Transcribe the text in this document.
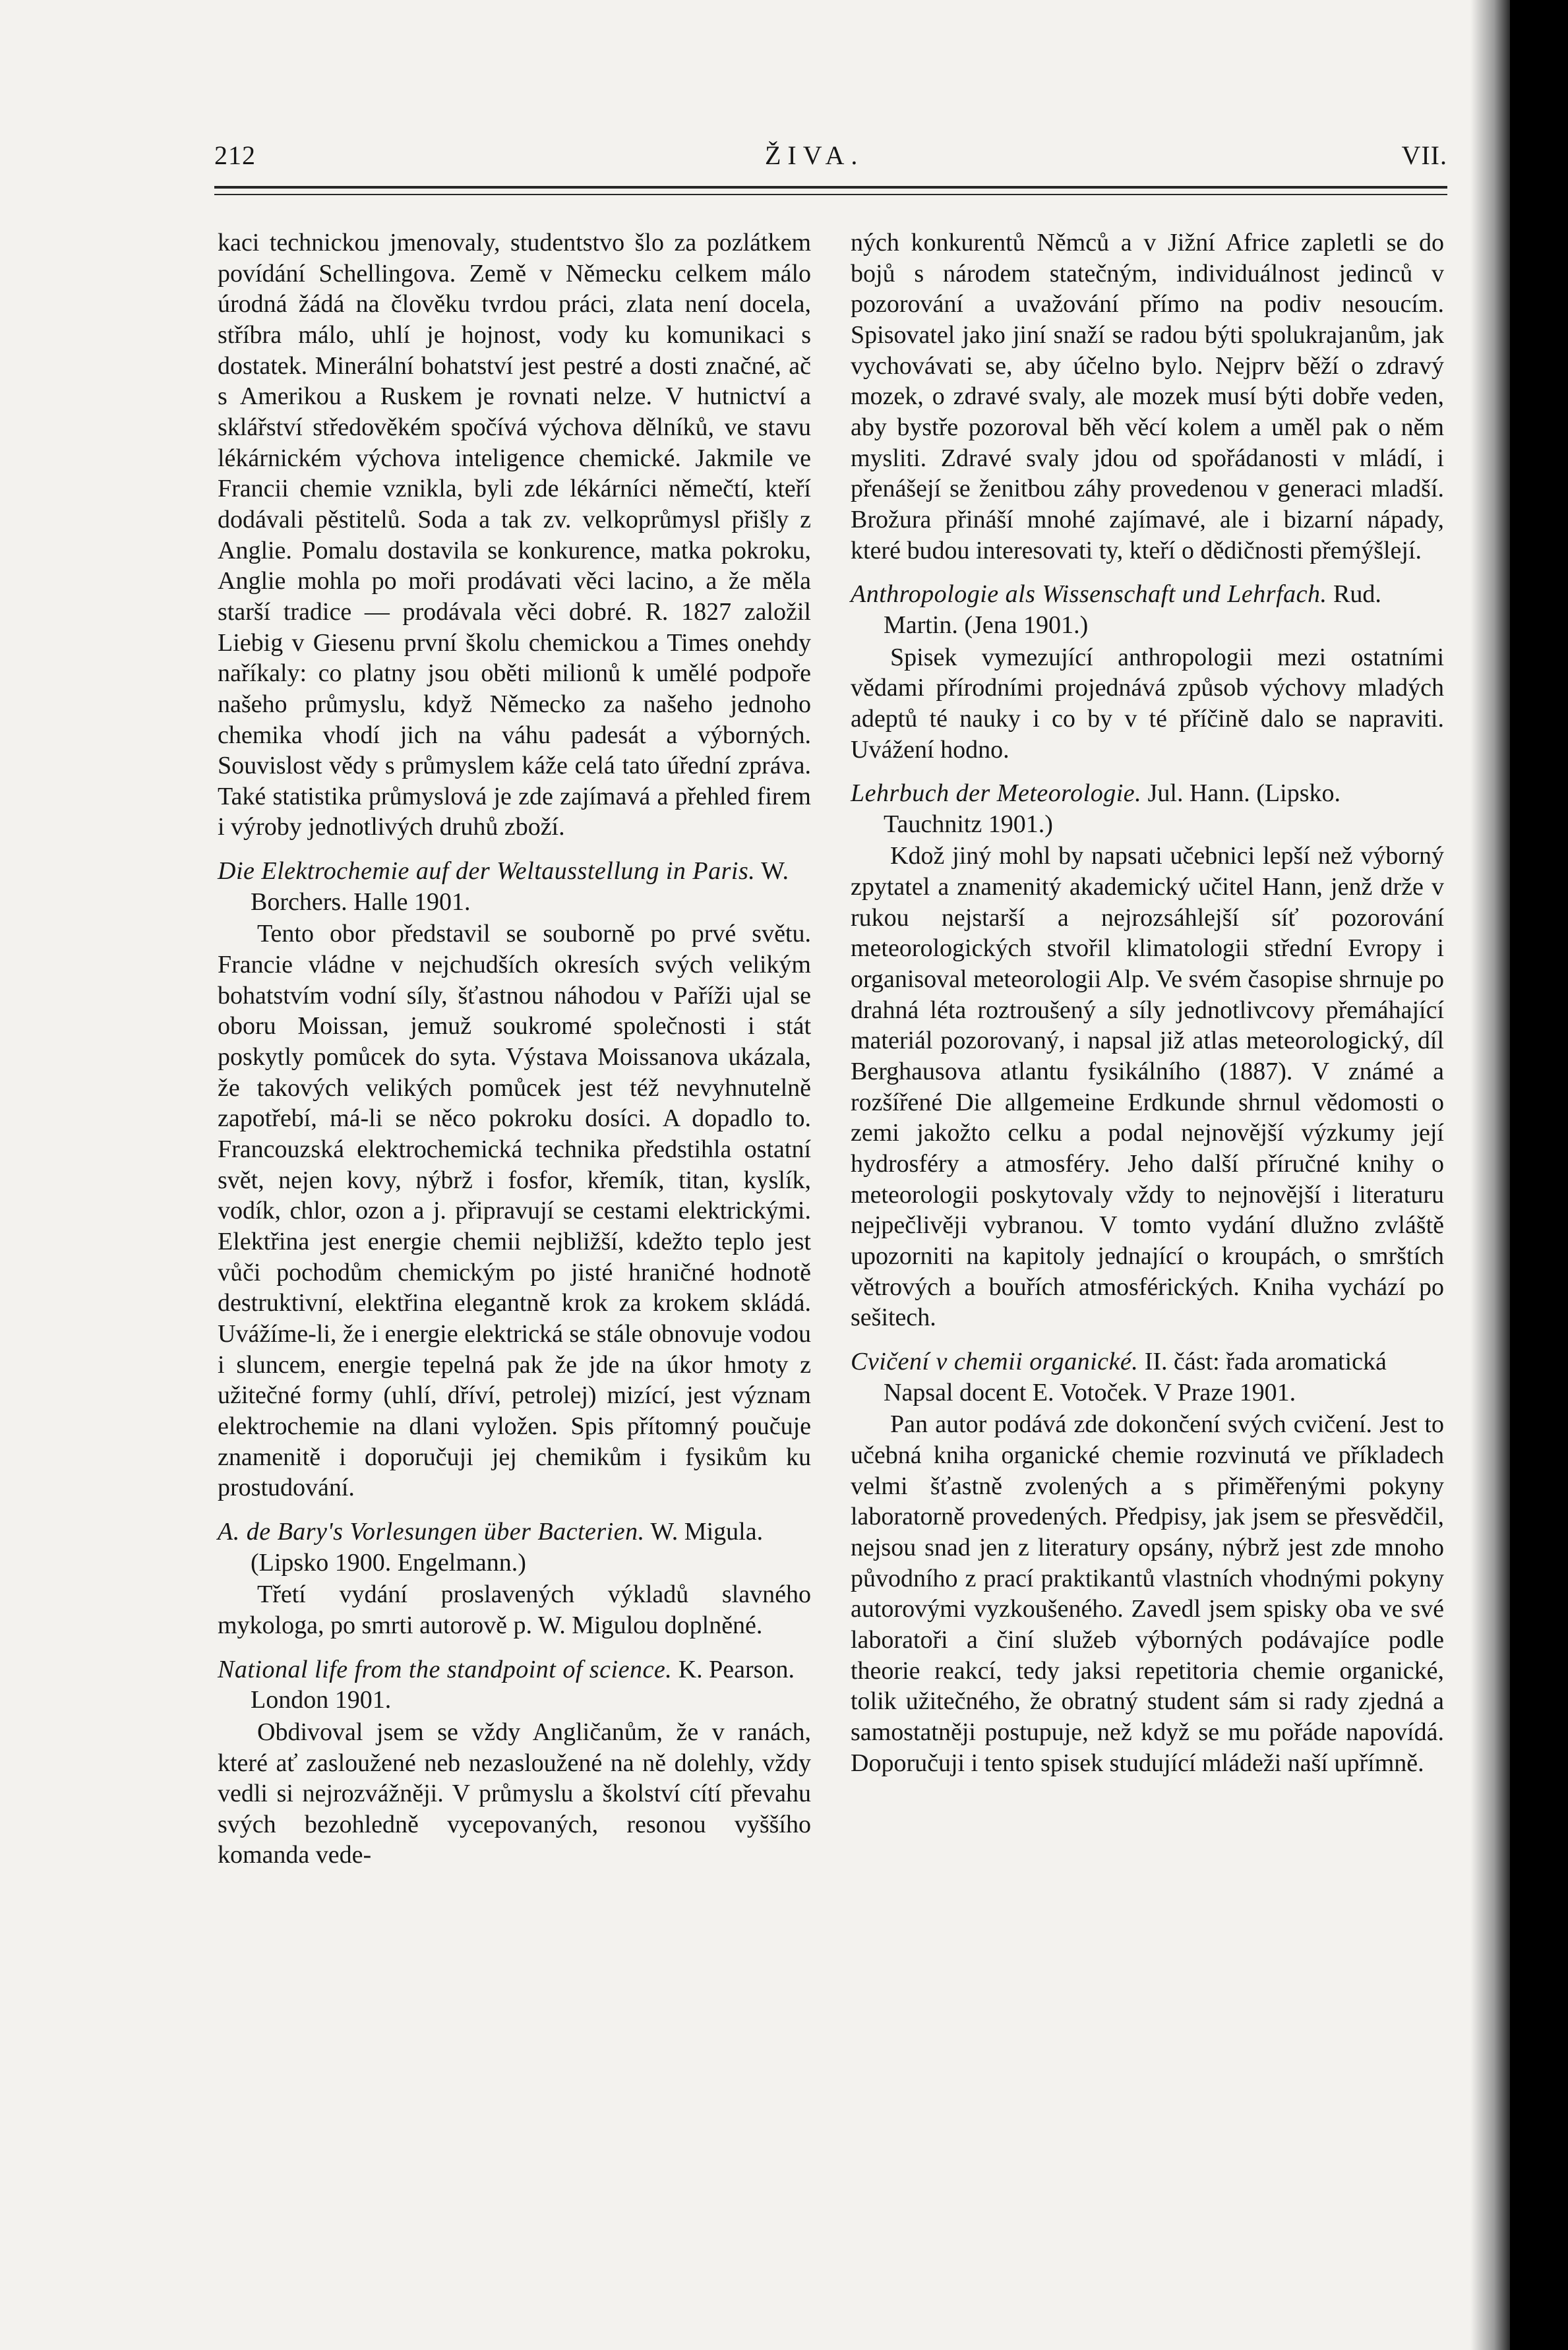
212	ŽIVA.	VII.

kaci technickou jmenovaly, studentstvo šlo za pozlátkem povídání Schellingova. Země v Německu celkem málo úrodná žádá na člověku tvrdou práci, zlata není docela, stříbra málo, uhlí je hojnost, vody ku komunikaci s dostatek. Minerální bohatství jest pestré a dosti značné, ač s Amerikou a Ruskem je rovnati nelze. V hutnictví a sklářství středověkém spočívá výchova dělníků, ve stavu lékárnickém výchova inteligence chemické. Jakmile ve Francii chemie vznikla, byli zde lékárníci němečtí, kteří dodávali pěstitelů. Soda a tak zv. velkoprůmysl přišly z Anglie. Pomalu dostavila se konkurence, matka pokroku, Anglie mohla po moři prodávati věci lacino, a že měla starší tradice — prodávala věci dobré. R. 1827 založil Liebig v Giesenu první školu chemickou a Times onehdy naříkaly: co platny jsou oběti milionů k umělé podpoře našeho průmyslu, když Německo za našeho jednoho chemika vhodí jich na váhu padesát a výborných. Souvislost vědy s průmyslem káže celá tato úřední zpráva. Také statistika průmyslová je zde zajímavá a přehled firem i výroby jednotlivých druhů zboží.

Die Elektrochemie auf der Weltausstellung in Paris. W. Borchers. Halle 1901.

Tento obor představil se souborně po prvé světu. Francie vládne v nejchudších okresích svých velikým bohatstvím vodní síly, šťastnou náhodou v Paříži ujal se oboru Moissan, jemuž soukromé společnosti i stát poskytly pomůcek do syta. Výstava Moissanova ukázala, že takových velikých pomůcek jest též nevyhnutelně zapotřebí, má-li se něco pokroku dosíci. A dopadlo to. Francouzská elektrochemická technika předstihla ostatní svět, nejen kovy, nýbrž i fosfor, křemík, titan, kyslík, vodík, chlor, ozon a j. připravují se cestami elektrickými. Elektřina jest energie chemii nejbližší, kdežto teplo jest vůči pochodům chemickým po jisté hraničné hodnotě destruktivní, elektřina elegantně krok za krokem skládá. Uvážíme-li, že i energie elektrická se stále obnovuje vodou i sluncem, energie tepelná pak že jde na úkor hmoty z užitečné formy (uhlí, dříví, petrolej) mizící, jest význam elektrochemie na dlani vyložen. Spis přítomný poučuje znamenitě i doporučuji jej chemikům i fysikům ku prostudování.

A. de Bary's Vorlesungen über Bacterien. W. Migula. (Lipsko 1900. Engelmann.)

Třetí vydání proslavených výkladů slavného mykologa, po smrti autorově p. W. Migulou doplněné.

National life from the standpoint of science. K. Pearson. London 1901.

Obdivoval jsem se vždy Angličanům, že v ranách, které ať zasloužené neb nezasloužené na ně dolehly, vždy vedli si nejrozvážněji. V průmyslu a školství cítí převahu svých bezohledně vycepovaných, resonou vyššího komanda vede-

ných konkurentů Němců a v Jižní Africe zapletli se do bojů s národem statečným, individuálnost jedinců v pozorování a uvažování přímo na podiv nesoucím. Spisovatel jako jiní snaží se radou býti spolukrajanům, jak vychovávati se, aby účelno bylo. Nejprv běží o zdravý mozek, o zdravé svaly, ale mozek musí býti dobře veden, aby bystře pozoroval běh věcí kolem a uměl pak o něm mysliti. Zdravé svaly jdou od spořádanosti v mládí, i přenášejí se ženitbou záhy provedenou v generaci mladší. Brožura přináší mnohé zajímavé, ale i bizarní nápady, které budou interesovati ty, kteří o dědičnosti přemýšlejí.

Anthropologie als Wissenschaft und Lehrfach. Rud. Martin. (Jena 1901.)

Spisek vymezující anthropologii mezi ostatními vědami přírodními projednává způsob výchovy mladých adeptů té nauky i co by v té příčině dalo se napraviti. Uvážení hodno.

Lehrbuch der Meteorologie. Jul. Hann. (Lipsko. Tauchnitz 1901.)

Kdož jiný mohl by napsati učebnici lepší než výborný zpytatel a znamenitý akademický učitel Hann, jenž drže v rukou nejstarší a nejrozsáhlejší síť pozorování meteorologických stvořil klimatologii střední Evropy i organisoval meteorologii Alp. Ve svém časopise shrnuje po drahná léta roztroušený a síly jednotlivcovy přemáhající materiál pozorovaný, i napsal již atlas meteorologický, díl Berghausova atlantu fysikálního (1887). V známé a rozšířené Die allgemeine Erdkunde shrnul vědomosti o zemi jakožto celku a podal nejnovější výzkumy její hydrosféry a atmosféry. Jeho další příručné knihy o meteorologii poskytovaly vždy to nejnovější i literaturu nejpečlivěji vybranou. V tomto vydání dlužno zvláště upozorniti na kapitoly jednající o kroupách, o smrštích větrových a bouřích atmosférických. Kniha vychází po sešitech.

Cvičení v chemii organické. II. část: řada aromatická Napsal docent E. Votoček. V Praze 1901.

Pan autor podává zde dokončení svých cvičení. Jest to učebná kniha organické chemie rozvinutá ve příkladech velmi šťastně zvolených a s přiměřenými pokyny laboratorně provedených. Předpisy, jak jsem se přesvědčil, nejsou snad jen z literatury opsány, nýbrž jest zde mnoho původního z prací praktikantů vlastních vhodnými pokyny autorovými vyzkoušeného. Zavedl jsem spisky oba ve své laboratoři a činí služeb výborných podávajíce podle theorie reakcí, tedy jaksi repetitoria chemie organické, tolik užitečného, že obratný student sám si rady zjedná a samostatněji postupuje, než když se mu pořáde napovídá. Doporučuji i tento spisek studující mládeži naší upřímně.
